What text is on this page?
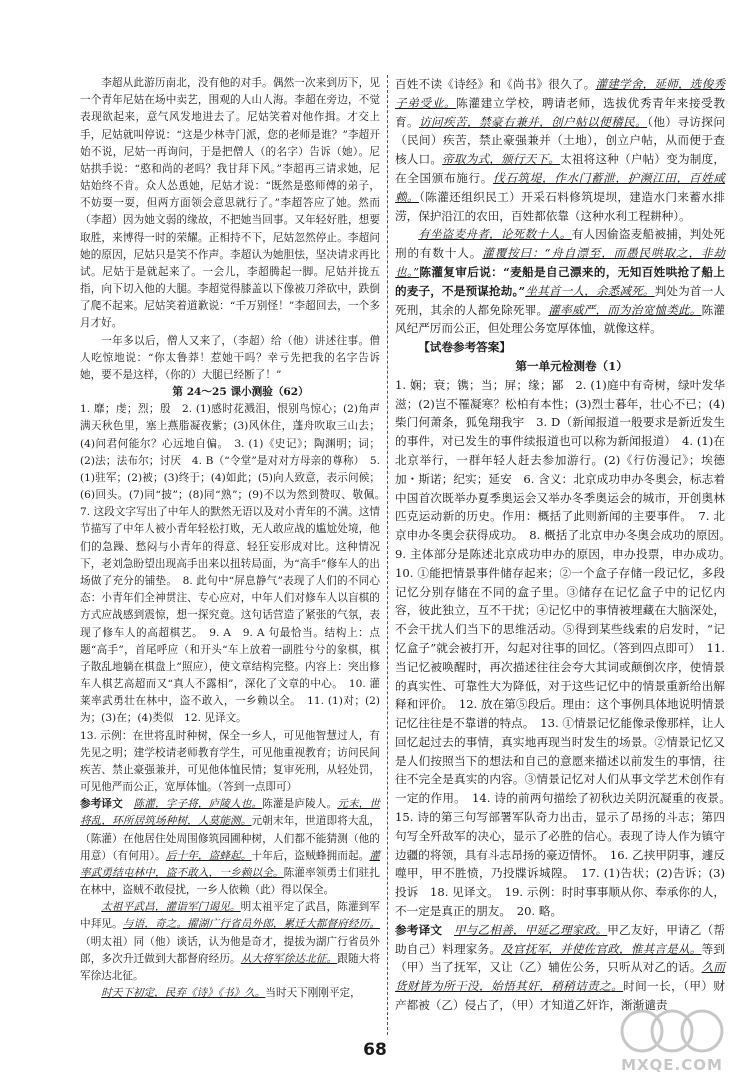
李超从此游历南北，没有他的对手。偶然一次来到历下，见一个青年尼姑在场中卖艺，围观的人山人海。李超在旁边，不觉表现欲起来，意气风发地进去了。尼姑笑着对他作揖。才交上手，尼姑就叫停说：“这是少林寺门派，您的老师是谁？”李超开始不说，尼姑一再询问，于是把僧人（的名字）告诉（她）。尼姑拱手说：“憨和尚的老吗？我甘拜下风。”李超再三请求她，尼姑始终不肯。众人怂恿她，尼姑才说：“既然是憨师傅的弟子，不妨耍一耍，但两方面领会意思就行了。”李超答应了她。然而（李超）因为她文弱的缘故，不把她当回事。又年轻好胜，想要取胜，来博得一时的荣耀。正相持不下，尼姑忽然停止。李超问她的原因，尼姑只是笑不作声。李超认为她胆怯，坚决请求再比试。尼姑于是就起来了。一会儿，李超腾起一脚。尼姑并拢五指，向下切入他的大腿。李超觉得膝盖以下像被刀斧砍中，跌倒了爬不起来。尼姑笑着道歉说：“千万别怪！”李超回去，一个多月才好。

一年多以后，僧人又来了，（李超）给（他）讲述往事。僧人吃惊地说：“你太鲁莽！惹她干吗？幸亏先把我的名字告诉她，要不是这样，（你的）大腿已经断了！”

第 24～25 课小测验（62）

1. 靡；虔；烈；殷　2. (1)感时花溅泪，恨别鸟惊心；(2)角声满天秋色里，塞上燕脂凝夜紫；(3)风休住，蓬舟吹取三山去；(4)问君何能尔？心远地自偏。　3. (1)《史记》；陶渊明；词；(2)法；法布尔；讨厌　4. B（“令堂”是对对方母亲的尊称）　5. (1)驻军；(2)被；(3)终于；(4)如此；(5)向人致意，表示问候；(6)回头。(7)同“披”；(8)同“熟”；(9)不以为然到赞叹、敬佩。　7. 这段文字写出了中年人的默然无语以及对小青年的不满。这情节描写了中年人被小青年轻松打败，无人敢应战的尴尬处境，他们的急躁、愁闷与小青年的得意、轻狂妄形成对比。这种情况下，老刘急盼望出现高手出来以扭转局面，为“高手”修车人的出场做了充分的铺垫。　8. 此句中“屏息静气”表现了人们的不同心态：小青年们全神贯注、专心应对，中年人们对修车人以盲棋的方式应战感到震惊，想一探究竟。这句话营造了紧张的气氛，表现了修车人的高超棋艺。　9. A　9. A 句最恰当。结构上：点题“高手”，首尾呼应（和开头“车上放着一副胜兮兮的象棋，棋子散乱地躺在棋盘上”照应），使文章结构完整。内容上：突出修车人棋艺高超而又“真人不露相”，深化了文章的中心。　10. 灌莱率武勇壮在林中，盗不敢入，一乡赖以全。　11. (1)对；(2)为；(3)在；(4)类似　12. 见译文。

13. 示例：在世将乱时种树，保全一乡人，可见他智慧过人，有先见之明；建学校请老师教育学生，可见他重视教育；访问民间疾苦、禁止豪强兼并，可见他体恤民情；复审死刑，从轻处罚，可见他严而公正，宽厚体恤。（答到一点即可）

参考译文　 陈灌，字子将，庐陵人也。陈灌是庐陵人。元末，世将乱，环所居筑场种树，人莫能测。元朝末年，世道即将大乱，（陈灌）在他居住处周围修筑园圃种树，人们都不能猜测（他的用意）（有何用）。后十年，盗蜂起。十年后，盗贼蜂拥而起。灌率武勇结屯林中，盗不敢入，一乡赖以全。陈灌率领勇士们驻扎在林中，盗贼不敢侵扰，一乡人依赖（此）得以保全。

太祖平武昌，灌诣军门谒见。明太祖平定了武昌，陈灌到军中拜见。与语，奇之。擢湖广行省员外郎，累迁大都督府经历。（明太祖）同（他）谈话，认为他是奇才，提拔为湖广行省员外郎，多次升迁做到大都督府经历。从大将军徐达北征。跟随大将军徐达北征。

时天下初定，民弃《诗》《书》久。当时天下刚刚平定，

百姓不读《诗经》和《尚书》很久了。灌建学舍，延师，选俊秀子弟受业。陈灌建立学校，聘请老师，选拔优秀青年来接受教育。访问疾苦，禁豪右兼并，创户帖以便稽民。（他）寻访探问（民间）疾苦，禁止豪强兼并（土地），创立户帖，从而便于查核人口。帝取为式，颁行天下。太祖将这种（户帖）变为制度，在全国颁布施行。伐石筑堤，作水门蓄泄，护濒江田，百姓咸赖。（陈灌还组织民工）开采石料修筑堤坝，建造水门来蓄水排涝，保护沿江的农田，百姓都依靠（这种水利工程耕种）。

有坐盗麦舟者，论死数十人。有人因偷盗麦船被捕，判处死刑的有数十人。灌覆按曰：“舟自漂至，而愚民哄取之，非劫也。”陈灌复审后说：“麦船是自己漂来的，无知百姓哄抢了船上的麦子，不是预谋抢劫。”坐其首一人，余悉减死。判处为首一人死刑，其余的人都免除死罪。灌率威严，而为治宽恤类此。陈灌风纪严厉而公正，但处理公务宽厚体恤，就像这样。

【试卷参考答案】

第一单元检测卷（1）

1. 娴；衰；镌；当；屏；缘；鄙　2. (1)庭中有奇树，绿叶发华滋；(2)岂不罹凝寒？松柏有本性；(3)烈士暮年，壮心不已；(4)柴门何萧条，狐兔翔我宇　3. D（新闻报道一般要求是新近发生的事件，对已发生的事件续报道也可以称为新闻报道）　4. (1)在北京举行，一群年轻人赶去参加游行。(2)《行仿漫记》；埃德加・斯诺；纪实；延安　6. 含义：北京成功申办冬奥会，标志着中国首次既举办夏季奥运会又举办冬季奥运会的城市，开创奥林匹克运动新的历史。作用：概括了此则新闻的主要事件。　7. 北京申办冬奥会获得成功。　8. 概括了北京申办冬奥会成功的原因。　9. 主体部分是陈述北京成功申办的原因，申办投票，申办成功。　10. ①能把情景事件储存起来；②一个盒子存储一段记忆，多段记忆分别存储在不同的盒子里。③储存在记忆盒子中的记忆内容，彼此独立，互不干扰；④记忆中的事情被埋藏在大脑深处，不会干扰人们当下的思维活动。⑤得到某些线索的启发时，“记忆盒子”就会被打开，勾起对往事的回忆。（答到四点即可）　11. 当记忆被唤醒时，再次描述往往会夸大其词或颠倒次序，使情景的真实性、可靠性大为降低，对于这些记忆中的情景重新给出解释和评价。　12. 放在第⑤段后。理由：这个事例具体地说明情景记忆往往是不靠谱的特点。　13. ①情景记忆能像录像那样，让人回忆起过去的事情，真实地再现当时发生的场景。②情景记忆又是人们按照当下的想法和自己的意愿来描述以前发生的事情，往往不完全是真实的内容。③情景记忆对人们从事文学艺术创作有一定的作用。　14. 诗的前两句描绘了初秋边关阴沉凝重的夜景。　15. 诗的第三句写部署军队奇力出击，显示了昂扬的斗志；第四句写全歼敌军的决心，显示了必胜的信心。表现了诗人作为镇守边疆的将领，具有斗志昂扬的豪迈情怀。　16. 乙挟甲阴事，遽反噬甲，甲不胜愤，乃投牒诉城隍。　17. (1)告状；(2)告诉；(3)投诉　18. 见译文。　19. 示例：时时事事顺从你、奉承你的人，不一定是真正的朋友。　20. 略。

参考译文　 甲与乙相善，甲延乙理家政。甲乙友好，甲请乙（帮助自己）料理家务。及官抚军，并使佐官政，惟其言是从。等到（甲）当了抚军，又让（乙）辅佐公务，只听从对乙的话。久而货财皆为所干没，始悟其奸，稍稍诘责之。时间一长，（甲）财产都被（乙）侵占了，（甲）才知道乙奸诈，渐渐谴责

68
MXQE.COM
